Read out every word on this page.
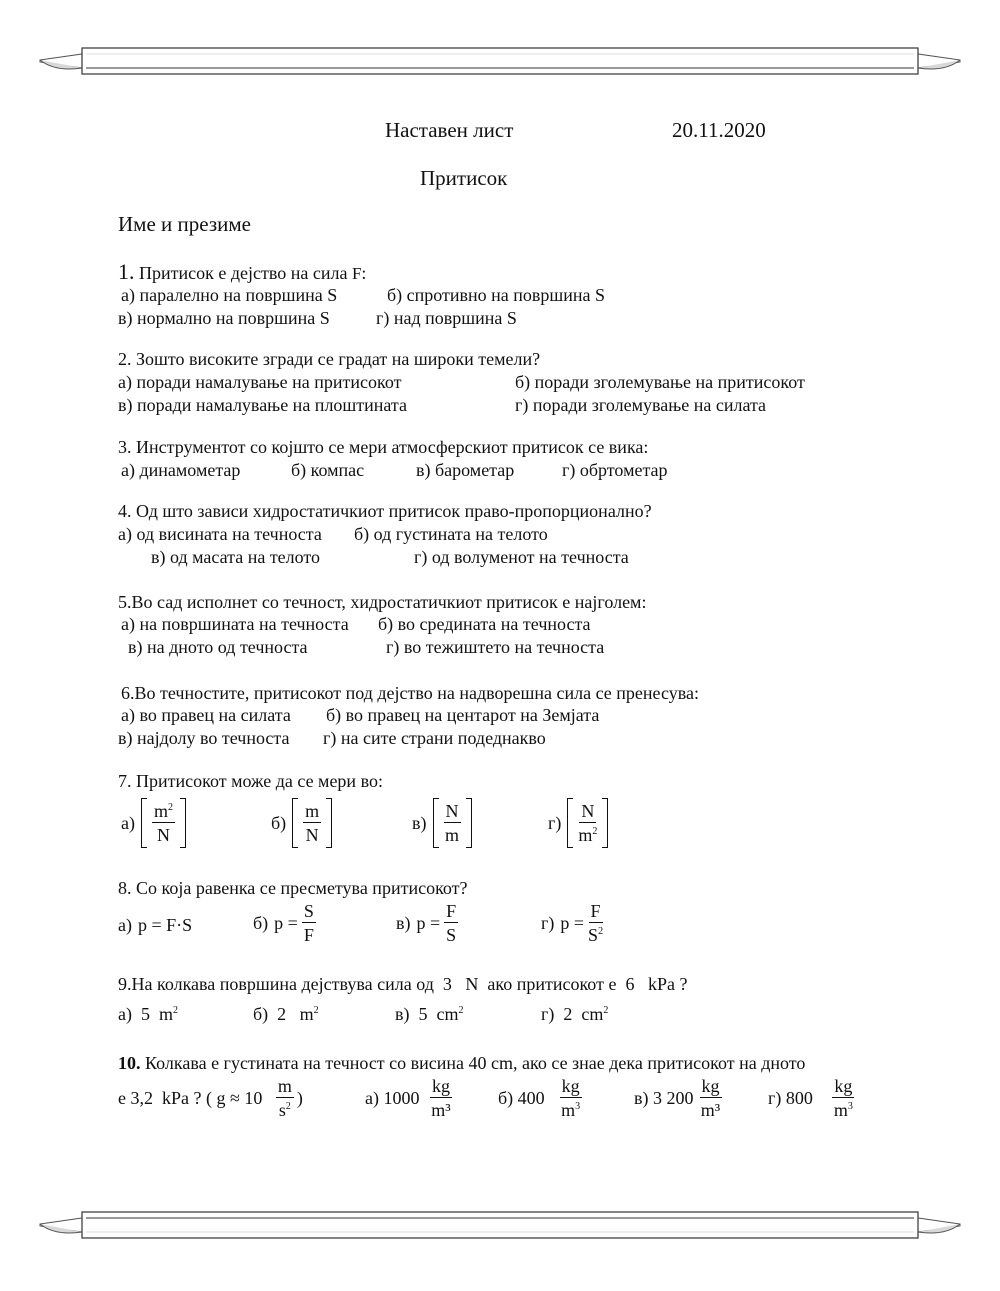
Наставен лист	20.11.2020
Притисок
Име и презиме
1. Притисок е дејство на сила F:
а) паралелно на површина S	б) спротивно на површина S
в) нормално на површина S	г) над површина S
2. Зошто високите згради се градат на широки темели?
а) поради намалување на притисокот	б) поради зголемување на притисокот
в) поради намалување на плоштината	г) поради зголемување на силата
3. Инструментот со којшто се мери атмосферскиот притисок се вика:
а) динамометар	б) компас	в) барометар	г) обртометар
4. Од што зависи хидростатичкиот притисок право-пропорционално?
а) од висината на течноста б) од густината на телото
в) од масата на телото	г) од волуменот на течноста
5.Во сад исполнет со течност, хидростатичкиот притисок е најголем:
а) на површината на течноста б) во средината на течноста
в) на дното од течноста	г) во тежиштето на течноста
6.Во течностите, притисокот под дејство на надворешна сила се пренесува:
а) во правец на силата б) во правец на центарот на Земјата
в) најдолу во течноста г) на сите страни подеднакво
7. Притисокот може да се мери во:
$а) \frac{m^2}{N}$	$б) \frac{m}{N}$	$в) \frac{N}{m}$	$г) \frac{N}{m^2}$
8. Со која равенка се пресметува притисокот?
а) p = F·S	б) $p = \frac{S}{F}$	в) $p = \frac{F}{S}$	г) $p = \frac{F}{S^2}$
9.На колкава површина дејствува сила од 3 N ако притисокот е 6 kPa ?
а) 5 $m^2$	б) 2 $m^2$	в) 5 $cm^2$	г) 2 $cm^2$
10. Колкава е густината на течност со висина 40 cm, ако се знае дека притисокот на дното
е
3,2
kPa
? ( g ≈ 10
$\frac{m}{s^2}$ )	а) 1000
$\frac{kg}{\text{m³}}$	б) 400
$\frac{kg}{m^3}$	в) 3 $200 \frac{kg}{\text{m³}}$	г) 800
$\frac{kg}{m^3}$
